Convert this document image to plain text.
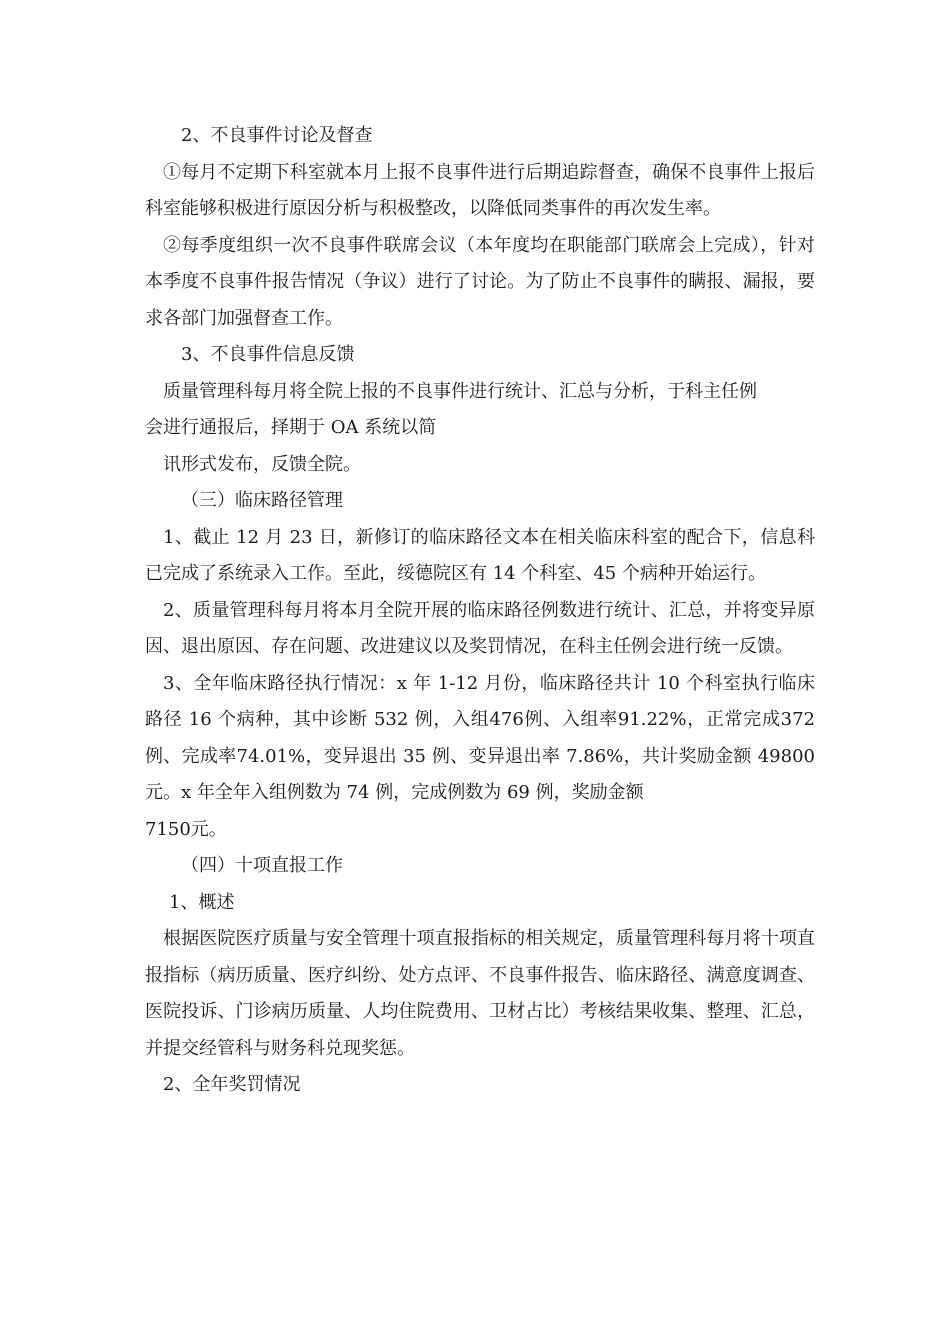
2、不良事件讨论及督查

①每月不定期下科室就本月上报不良事件进行后期追踪督查，确保不良事件上报后科室能够积极进行原因分析与积极整改，以降低同类事件的再次发生率。

②每季度组织一次不良事件联席会议（本年度均在职能部门联席会上完成），针对本季度不良事件报告情况（争议）进行了讨论。为了防止不良事件的瞒报、漏报，要求各部门加强督查工作。

3、不良事件信息反馈

质量管理科每月将全院上报的不良事件进行统计、汇总与分析，于科主任例

会进行通报后，择期于 OA 系统以简

讯形式发布，反馈全院。

（三）临床路径管理

1、截止 12 月 23 日，新修订的临床路径文本在相关临床科室的配合下，信息科已完成了系统录入工作。至此，绥德院区有 14 个科室、45 个病种开始运行。

2、质量管理科每月将本月全院开展的临床路径例数进行统计、汇总，并将变异原因、退出原因、存在问题、改进建议以及奖罚情况，在科主任例会进行统一反馈。

3、全年临床路径执行情况：x 年 1-12 月份，临床路径共计 10 个科室执行临床路径 16 个病种，其中诊断 532 例，入组476例、入组率91.22%，正常完成372例、完成率74.01%，变异退出 35 例、变异退出率 7.86%，共计奖励金额 49800 元。x 年全年入组例数为 74 例，完成例数为 69 例，奖励金额

7150元。

（四）十项直报工作

1、概述

根据医院医疗质量与安全管理十项直报指标的相关规定，质量管理科每月将十项直报指标（病历质量、医疗纠纷、处方点评、不良事件报告、临床路径、满意度调查、医院投诉、门诊病历质量、人均住院费用、卫材占比）考核结果收集、整理、汇总，并提交经管科与财务科兑现奖惩。

2、全年奖罚情况
